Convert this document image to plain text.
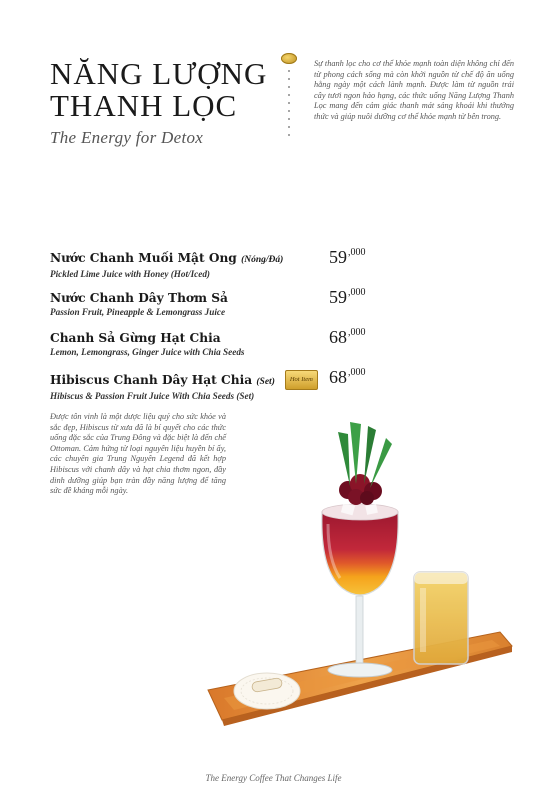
NĂNG LƯỢNG
THANH LỌC
The Energy for Detox
Sự thanh lọc cho cơ thể khỏe mạnh toàn diện không chỉ đến từ phong cách sống mà còn khởi nguồn từ chế độ ăn uống hằng ngày một cách lành mạnh. Được làm từ nguồn trái cây tươi ngon hảo hạng, các thức uống Năng Lượng Thanh Lọc mang đến cảm giác thanh mát sảng khoái khi thưởng thức và giúp nuôi dưỡng cơ thể khỏe mạnh từ bên trong.
Nước Chanh Muối Mật Ong (Nóng/Đá)
Pickled Lime Juice with Honey (Hot/Iced)
$59^{,000}$
Nước Chanh Dây Thơm Sả
Passion Fruit, Pineapple & Lemongrass Juice
$59^{,000}$
Chanh Sả Gừng Hạt Chia
Lemon, Lemongrass, Ginger Juice with Chia Seeds
$68^{,000}$
Hibiscus Chanh Dây Hạt Chia (Set) Hot Item
Hibiscus & Passion Fruit Juice With Chia Seeds (Set)
$68^{,000}$
Được tôn vinh là một dược liệu quý cho sức khỏe và sắc đẹp, Hibiscus từ xưa đã là bí quyết cho các thức uống đặc sắc của Trung Đông và đặc biệt là đến chế Ottoman. Cảm hứng từ loại nguyên liệu huyền bí ấy, các chuyên gia Trung Nguyên Legend đã kết hợp Hibiscus với chanh dây và hạt chia thơm ngon, đầy dinh dưỡng giúp bạn tràn đầy năng lượng để tăng sức đề kháng mỗi ngày.
The Energy Coffee That Changes Life
